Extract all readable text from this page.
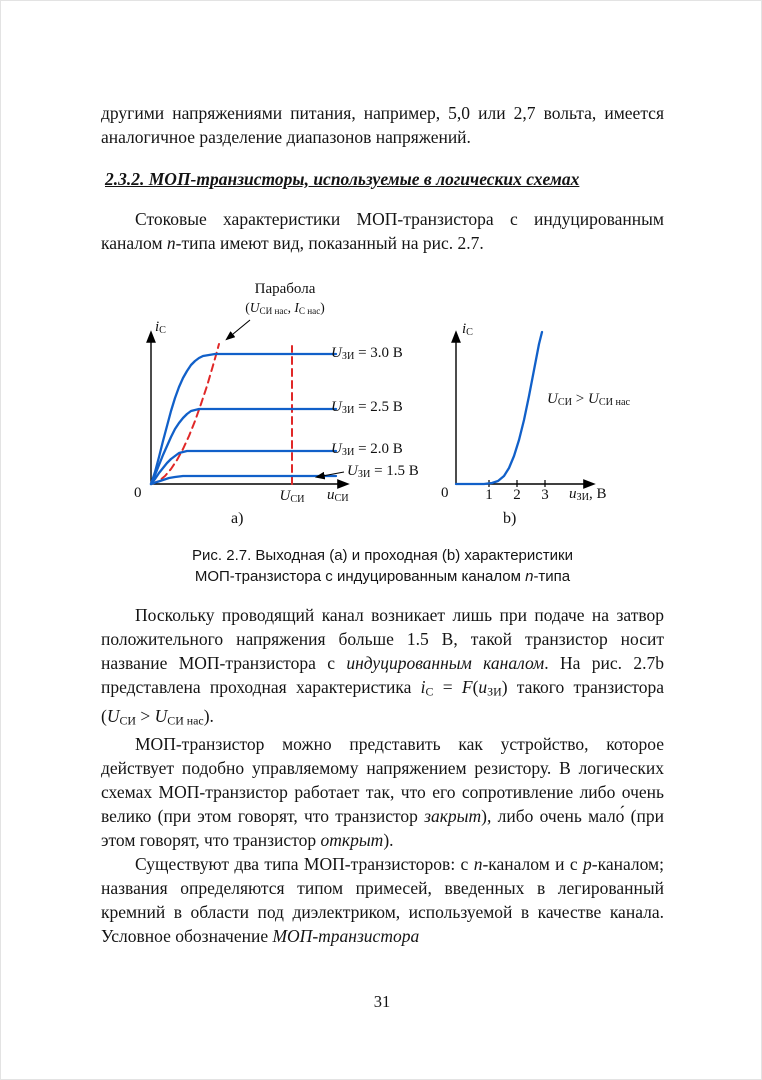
другими напряжениями питания, например, 5,0 или 2,7 вольта, имеется аналогичное разделение диапазонов напряжений.

2.3.2. МОП-транзисторы, используемые в логических схемах

Стоковые характеристики МОП-транзистора с индуцированным каналом n-типа имеют вид, показанный на рис. 2.7.

Парабола
(UСИ нас, IС нас)
iС
0
UЗИ = 3.0 В
UЗИ = 2.5 В
UЗИ = 2.0 В
UЗИ = 1.5 В
UСИ	uСИ
a)
iС
0 1 2 3 uЗИ, В
UСИ > UСИ нас
b)
Рис. 2.7. Выходная (a) и проходная (b) характеристики
МОП-транзистора с индуцированным каналом n-типа

Поскольку проводящий канал возникает лишь при подаче на затвор положительного напряжения больше 1.5 В, такой транзистор носит название МОП-транзистора с индуцированным каналом. На рис. 2.7b представлена проходная характеристика iС = F(uЗИ) такого транзистора (UСИ > UСИ нас).

МОП-транзистор можно представить как устройство, которое действует подобно управляемому напряжением резистору. В логических схемах МОП-транзистор работает так, что его сопротивление либо очень велико (при этом говорят, что транзистор закрыт), либо очень мало́ (при этом говорят, что транзистор открыт).

Существуют два типа МОП-транзисторов: с n-каналом и с p-каналом; названия определяются типом примесей, введенных в легированный кремний в области под диэлектриком, используемой в качестве канала. Условное обозначение МОП-транзистора

31
